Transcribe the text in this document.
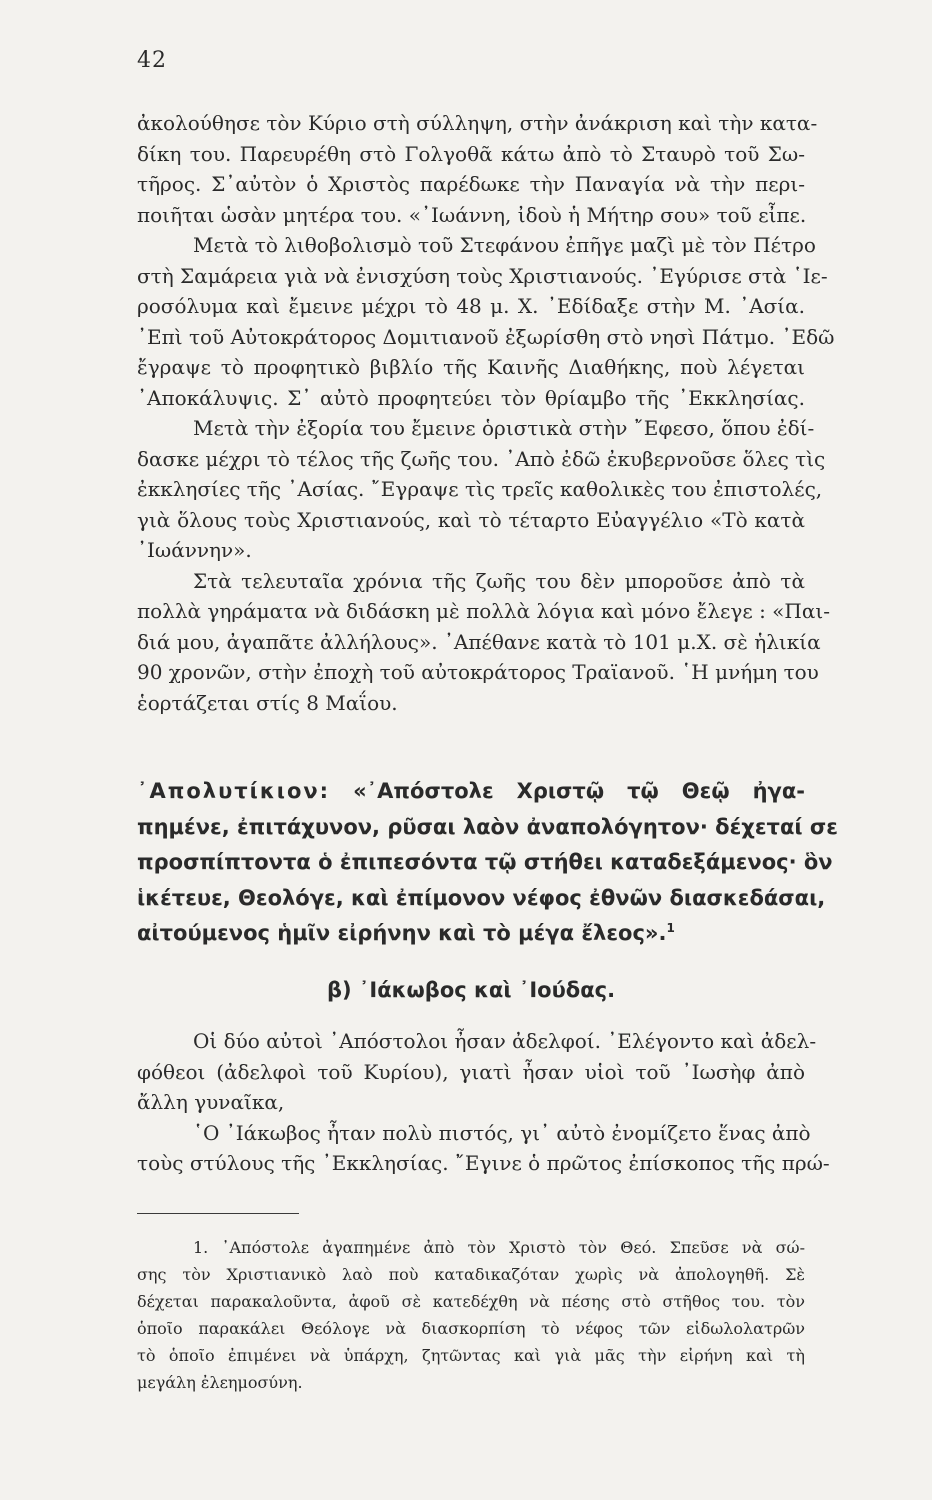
42
ἀκολούθησε τὸν Κύριο στὴ σύλληψη, στὴν ἀνάκριση καὶ τὴν κατα-
δίκη του. Παρευρέθη στὸ Γολγοθᾶ κάτω ἀπὸ τὸ Σταυρὸ τοῦ Σω-
τῆρος. Σ᾿αὐτὸν ὁ Χριστὸς παρέδωκε τὴν Παναγία νὰ τὴν περι-
ποιῆται ὡσὰν μητέρα του. «᾿Ιωάννη, ἰδοὺ ἡ Μήτηρ σου» τοῦ εἶπε.
Μετὰ τὸ λιθοβολισμὸ τοῦ Στεφάνου ἐπῆγε μαζὶ μὲ τὸν Πέτρο
στὴ Σαμάρεια γιὰ νὰ ἐνισχύση τοὺς Χριστιανούς. ᾿Εγύρισε στὰ ῾Ιε-
ροσόλυμα καὶ ἔμεινε μέχρι τὸ 48 μ. Χ. ᾿Εδίδαξε στὴν Μ. ᾿Ασία.
᾿Επὶ τοῦ Αὐτοκράτορος Δομιτιανοῦ ἐξωρίσθη στὸ νησὶ Πάτμο. ᾿Εδῶ
ἔγραψε τὸ προφητικὸ βιβλίο τῆς Καινῆς Διαθήκης, ποὺ λέγεται
᾿Αποκάλυψις. Σ᾿ αὐτὸ προφητεύει τὸν θρίαμβο τῆς ᾿Εκκλησίας.
Μετὰ τὴν ἐξορία του ἔμεινε ὁριστικὰ στὴν ῎Εφεσο, ὅπου ἐδί-
δασκε μέχρι τὸ τέλος τῆς ζωῆς του. ᾿Απὸ ἐδῶ ἐκυβερνοῦσε ὅλες τὶς
ἐκκλησίες τῆς ᾿Ασίας. ῎Εγραψε τὶς τρεῖς καθολικὲς του ἐπιστολές,
γιὰ ὅλους τοὺς Χριστιανούς, καὶ τὸ τέταρτο Εὐαγγέλιο «Τὸ κατὰ
᾿Ιωάννην».
Στὰ τελευταῖα χρόνια τῆς ζωῆς του δὲν μποροῦσε ἀπὸ τὰ
πολλὰ γηράματα νὰ διδάσκη μὲ πολλὰ λόγια καὶ μόνο ἔλεγε : «Παι-
διά μου, ἀγαπᾶτε ἀλλήλους». ᾿Απέθανε κατὰ τὸ 101 μ.Χ. σὲ ἡλικία
90 χρονῶν, στὴν ἐποχὴ τοῦ αὐτοκράτορος Τραϊανοῦ. ῾Η μνήμη του
ἑορτάζεται στίς 8 Μαΐου.
᾿Απολυτίκιον: «᾿Απόστολε Χριστῷ τῷ Θεῷ ἠγα-
πημένε, ἐπιτάχυνον, ρῦσαι λαὸν ἀναπολόγητον· δέχεταί σε
προσπίπτοντα ὁ ἐπιπεσόντα τῷ στήθει καταδεξάμενος· ὃν
ἱκέτευε, Θεολόγε, καὶ ἐπίμονον νέφος ἐθνῶν διασκεδάσαι,
αἰτούμενος ἡμῖν εἰρήνην καὶ τὸ μέγα ἔλεος».$^1$
β) ᾿Ιάκωβος καὶ ᾿Ιούδας.
Οἱ δύο αὐτοὶ ᾿Απόστολοι ἦσαν ἀδελφοί. ᾿Ελέγοντο καὶ ἀδελ-
φόθεοι (ἀδελφοὶ τοῦ Κυρίου), γιατὶ ἦσαν υἱοὶ τοῦ ᾿Ιωσὴφ ἀπὸ
ἄλλη γυναῖκα,
῾Ο ᾿Ιάκωβος ἦταν πολὺ πιστός, γι᾿ αὐτὸ ἐνομίζετο ἕνας ἀπὸ
τοὺς στύλους τῆς ᾿Εκκλησίας. ῎Εγινε ὁ πρῶτος ἐπίσκοπος τῆς πρώ-
1. ᾿Απόστολε ἀγαπημένε ἀπὸ τὸν Χριστὸ τὸν Θεό. Σπεῦσε νὰ σώ-
σης τὸν Χριστιανικὸ λαὸ ποὺ καταδικαζόταν χωρὶς νὰ ἀπολογηθῆ. Σὲ
δέχεται παρακαλοῦντα, ἀφοῦ σὲ κατεδέχθη νὰ πέσης στὸ στῆθος του. τὸν
ὁποῖο παρακάλει Θεόλογε νὰ διασκορπίση τὸ νέφος τῶν εἰδωλολατρῶν
τὸ ὁποῖο ἐπιμένει νὰ ὑπάρχη, ζητῶντας καὶ γιὰ μᾶς τὴν εἰρήνη καὶ τὴ
μεγάλη ἐλεημοσύνη.
